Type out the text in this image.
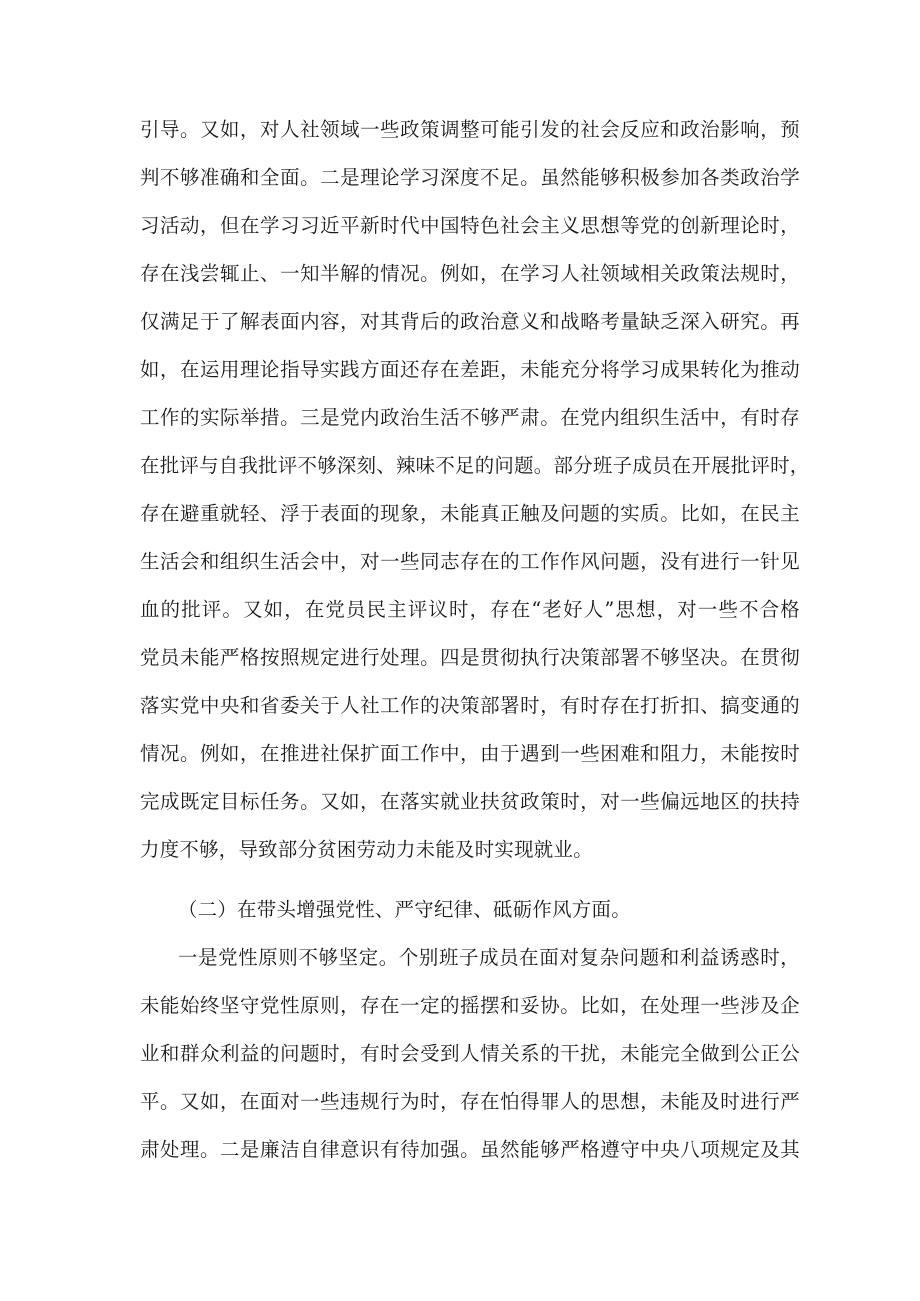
引导。又如，对人社领域一些政策调整可能引发的社会反应和政治影响，预
判不够准确和全面。二是理论学习深度不足。虽然能够积极参加各类政治学
习活动，但在学习习近平新时代中国特色社会主义思想等党的创新理论时，
存在浅尝辄止、一知半解的情况。例如，在学习人社领域相关政策法规时，
仅满足于了解表面内容，对其背后的政治意义和战略考量缺乏深入研究。再
如，在运用理论指导实践方面还存在差距，未能充分将学习成果转化为推动
工作的实际举措。三是党内政治生活不够严肃。在党内组织生活中，有时存
在批评与自我批评不够深刻、辣味不足的问题。部分班子成员在开展批评时，
存在避重就轻、浮于表面的现象，未能真正触及问题的实质。比如，在民主
生活会和组织生活会中，对一些同志存在的工作作风问题，没有进行一针见
血的批评。又如，在党员民主评议时，存在“老好人”思想，对一些不合格
党员未能严格按照规定进行处理。四是贯彻执行决策部署不够坚决。在贯彻
落实党中央和省委关于人社工作的决策部署时，有时存在打折扣、搞变通的
情况。例如，在推进社保扩面工作中，由于遇到一些困难和阻力，未能按时
完成既定目标任务。又如，在落实就业扶贫政策时，对一些偏远地区的扶持
力度不够，导致部分贫困劳动力未能及时实现就业。
（二）在带头增强党性、严守纪律、砥砺作风方面。
一是党性原则不够坚定。个别班子成员在面对复杂问题和利益诱惑时，
未能始终坚守党性原则，存在一定的摇摆和妥协。比如，在处理一些涉及企
业和群众利益的问题时，有时会受到人情关系的干扰，未能完全做到公正公
平。又如，在面对一些违规行为时，存在怕得罪人的思想，未能及时进行严
肃处理。二是廉洁自律意识有待加强。虽然能够严格遵守中央八项规定及其
